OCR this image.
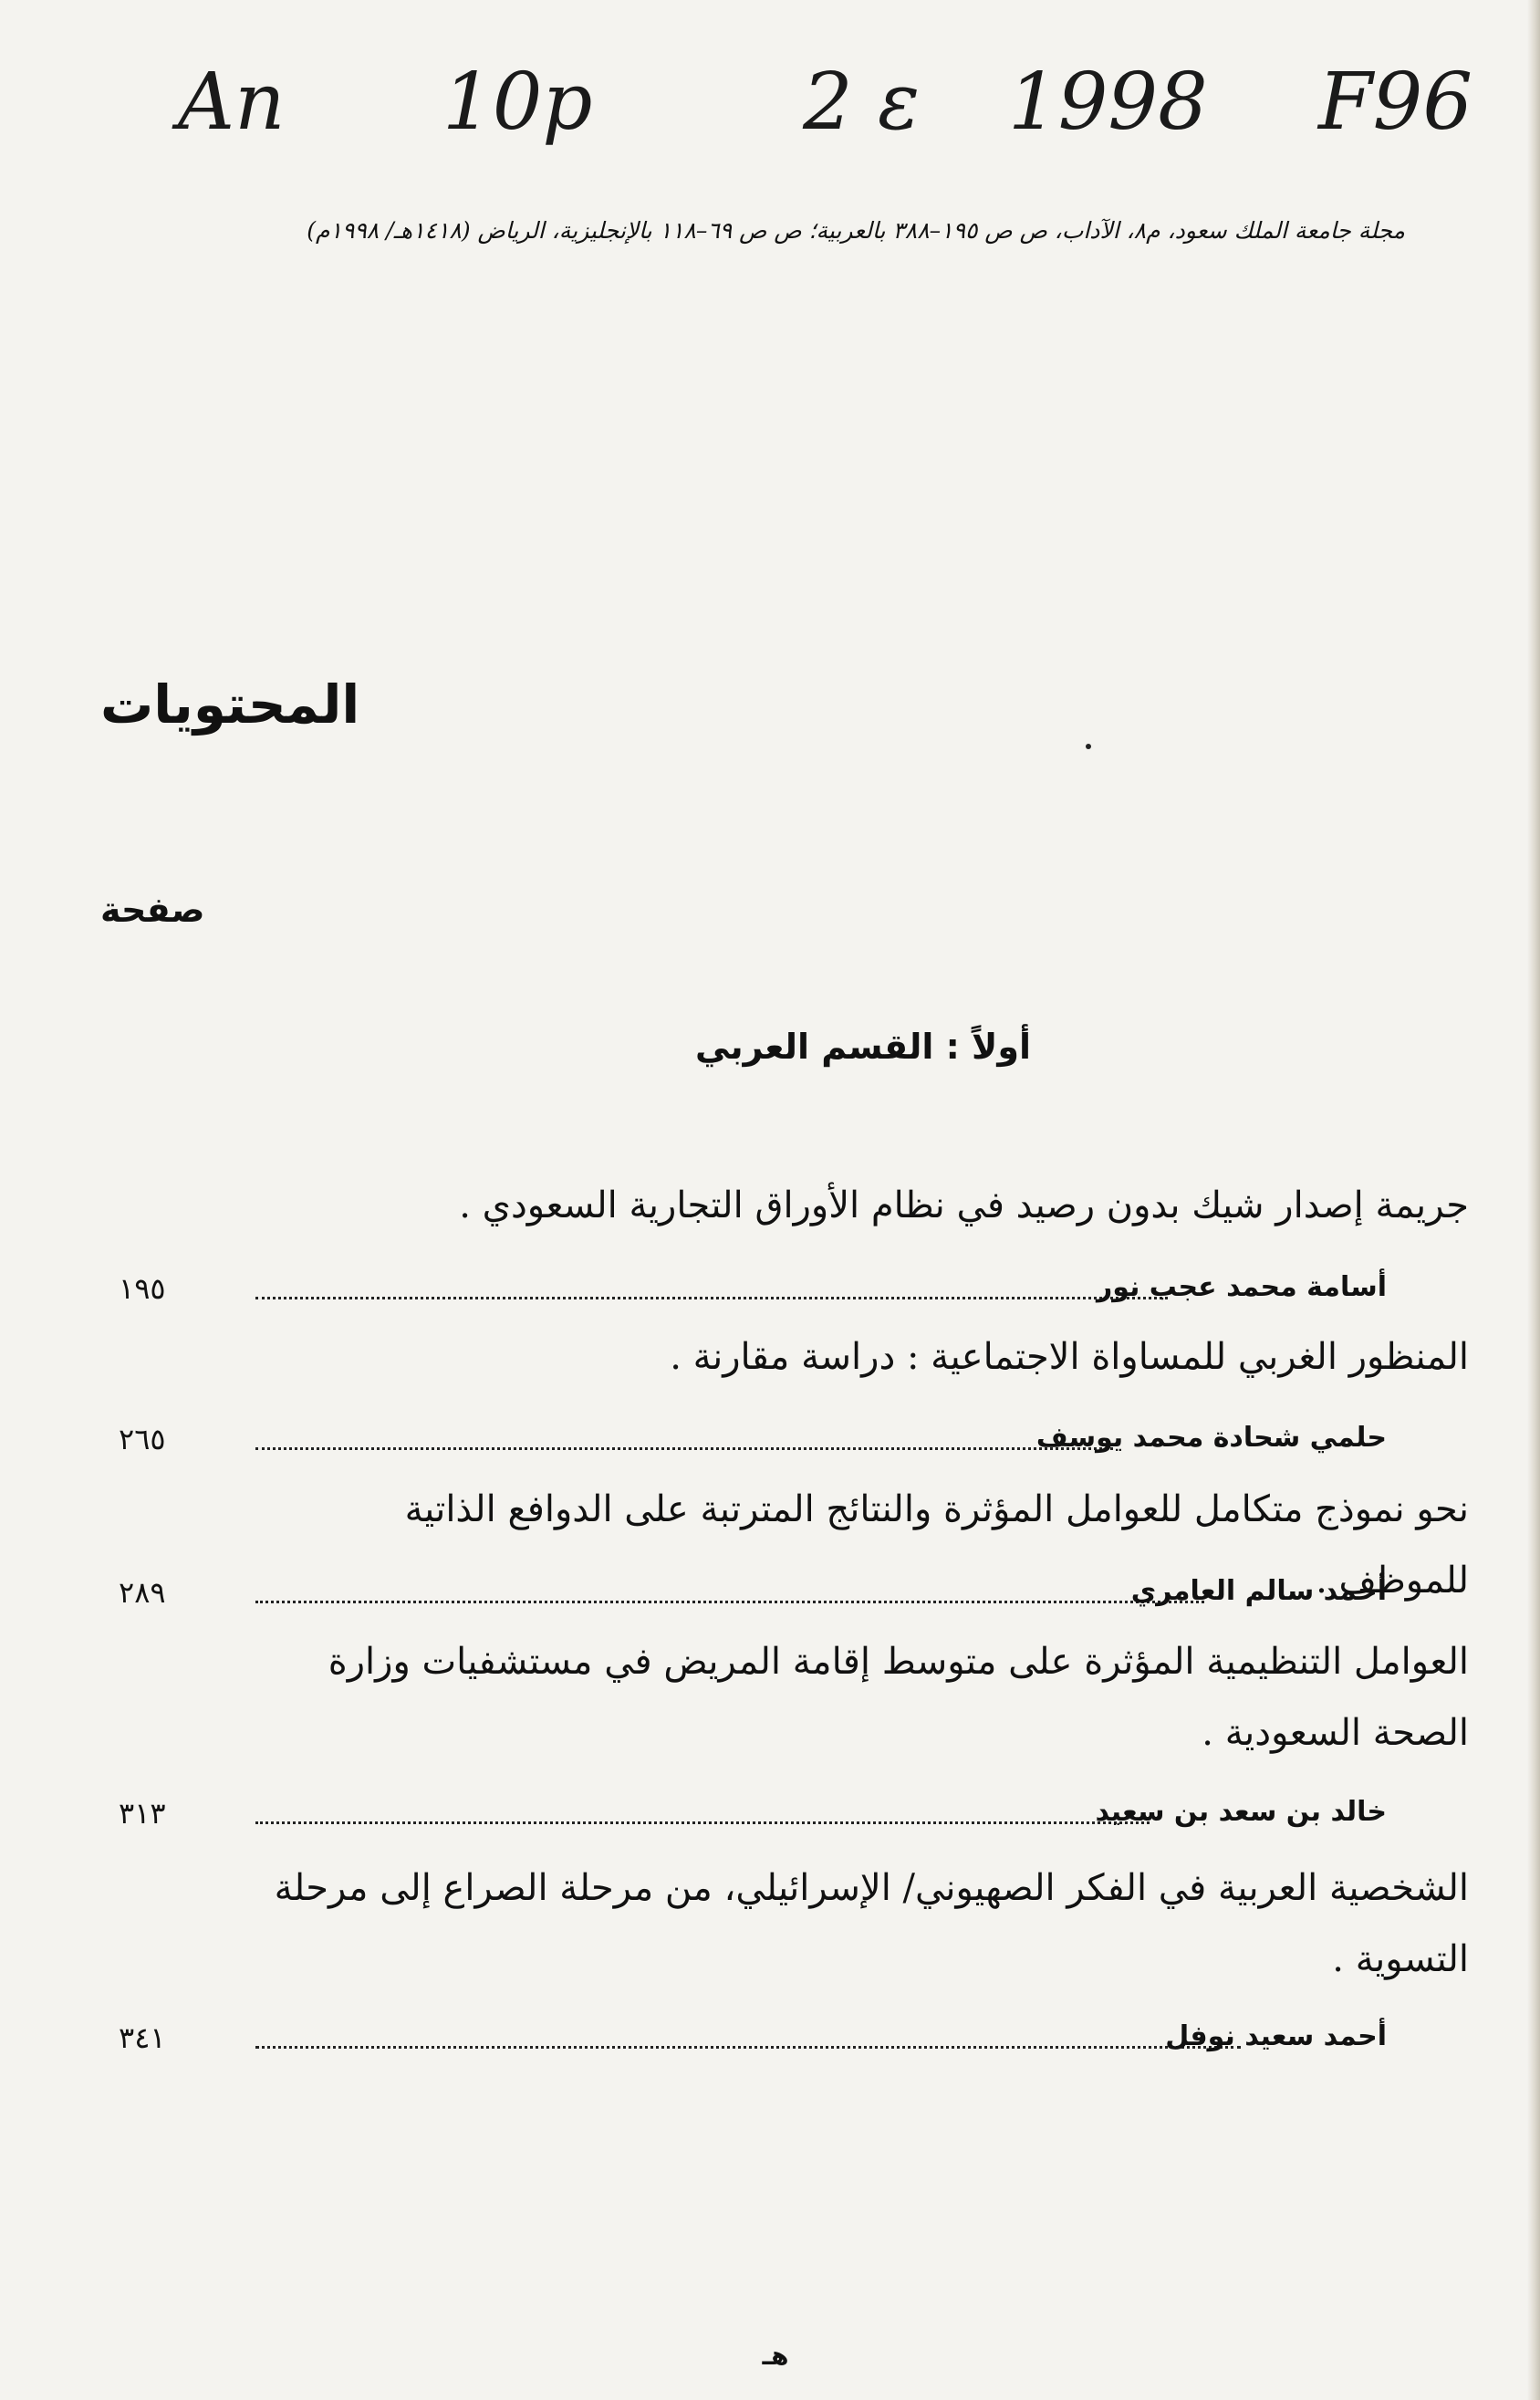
An 10p	2 ε 1998 F96
مجلة جامعة الملك سعود، م٨، الآداب، ص ص ١٩٥–٣٨٨ بالعربية؛ ص ص ٦٩–١١٨ بالإنجليزية، الرياض (١٤١٨هـ/ ١٩٩٨م)
المحتويات
صفحة
أولاً : القسم العربي
جريمة إصدار شيك بدون رصيد في نظام الأوراق التجارية السعودي .
١٩٥	أسامة محمد عجب نور
المنظور الغربي للمساواة الاجتماعية : دراسة مقارنة .
٢٦٥	حلمي شحادة محمد يوسف
نحو نموذج متكامل للعوامل المؤثرة والنتائج المترتبة على الدوافع الذاتية للموظف .
٢٨٩	أحمد سالم العامري
العوامل التنظيمية المؤثرة على متوسط إقامة المريض في مستشفيات وزارة الصحة السعودية .
٣١٣	خالد بن سعد بن سعيد
الشخصية العربية في الفكر الصهيوني/ الإسرائيلي، من مرحلة الصراع إلى مرحلة التسوية .
٣٤١	أحمد سعيد نوفل
هـ
